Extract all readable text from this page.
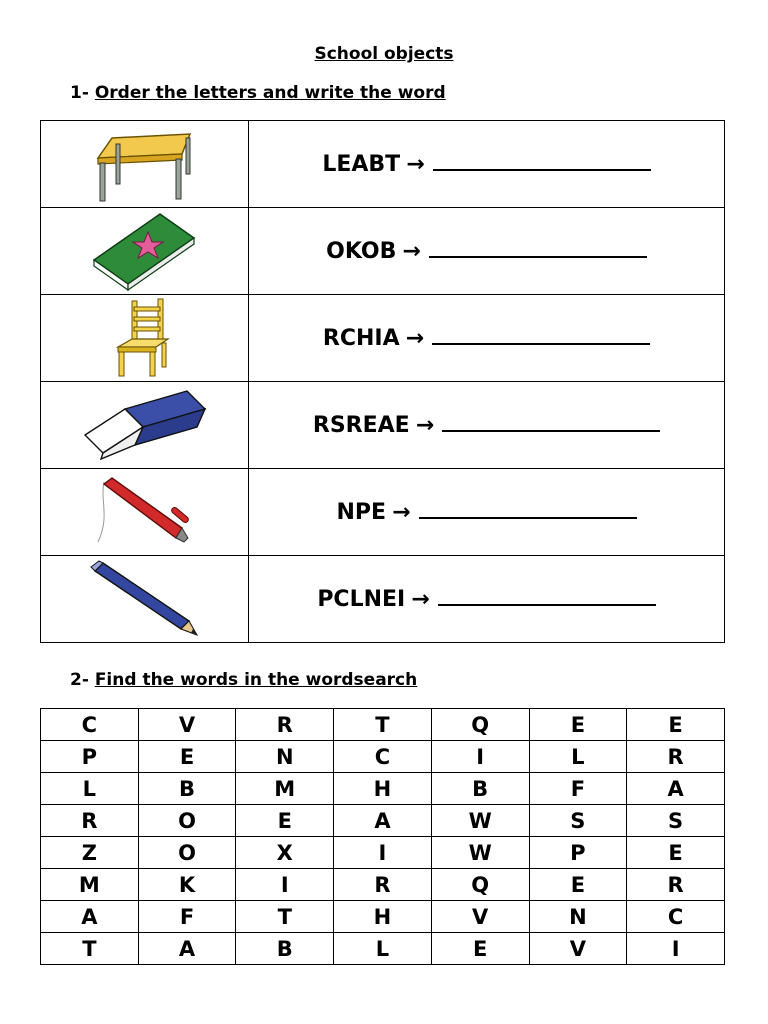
School objects
1- Order the letters and write the word
	LEABT →

	OKOB →

	RCHIA →

	RSREAE →

	NPE →

	PCLNEI →
2- Find the words in the wordsearch
C	V	R	T	Q	E	E
P	E	N	C	I	L	R
L	B	M	H	B	F	A
R	O	E	A	W	S	S
Z	O	X	I	W	P	E
M	K	I	R	Q	E	R
A	F	T	H	V	N	C
T	A	B	L	E	V	I
